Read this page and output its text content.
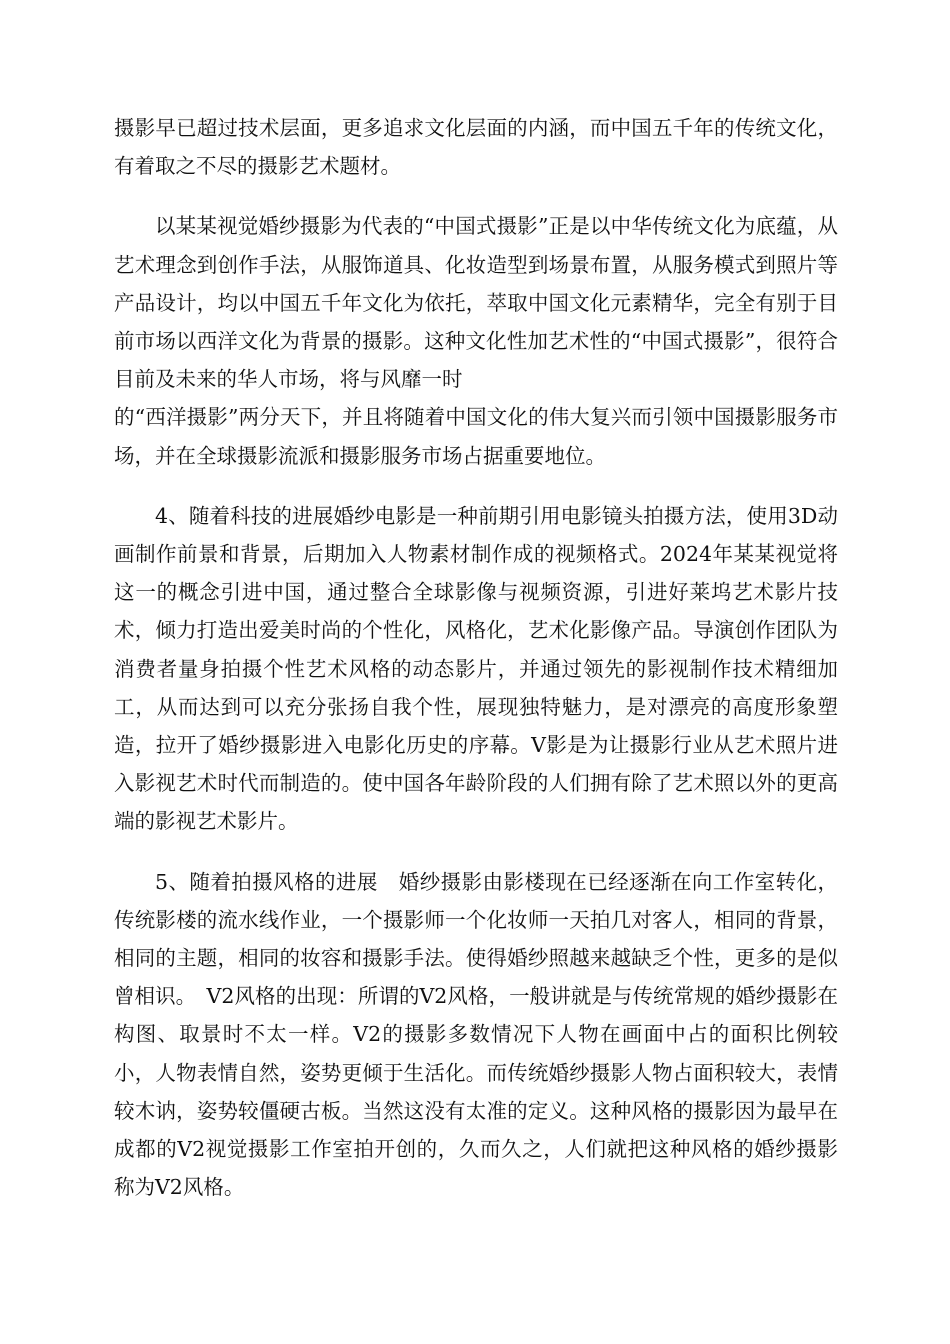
摄影早已超过技术层面，更多追求文化层面的内涵，而中国五千年的传统文化，有着取之不尽的摄影艺术题材。

以某某视觉婚纱摄影为代表的“中国式摄影”正是以中华传统文化为底蕴，从艺术理念到创作手法，从服饰道具、化妆造型到场景布置，从服务模式到照片等产品设计，均以中国五千年文化为依托，萃取中国文化元素精华，完全有别于目前市场以西洋文化为背景的摄影。这种文化性加艺术性的“中国式摄影”，很符合目前及未来的华人市场，将与风靡一时
的“西洋摄影”两分天下，并且将随着中国文化的伟大复兴而引领中国摄影服务市场，并在全球摄影流派和摄影服务市场占据重要地位。

4、随着科技的进展婚纱电影是一种前期引用电影镜头拍摄方法，使用3D动画制作前景和背景，后期加入人物素材制作成的视频格式。2024年某某视觉将这一的概念引进中国，通过整合全球影像与视频资源，引进好莱坞艺术影片技术，倾力打造出爱美时尚的个性化，风格化，艺术化影像产品。导演创作团队为消费者量身拍摄个性艺术风格的动态影片，并通过领先的影视制作技术精细加工，从而达到可以充分张扬自我个性，展现独特魅力，是对漂亮的高度形象塑造，拉开了婚纱摄影进入电影化历史的序幕。V影是为让摄影行业从艺术照片进入影视艺术时代而制造的。使中国各年龄阶段的人们拥有除了艺术照以外的更高端的影视艺术影片。

5、随着拍摄风格的进展　婚纱摄影由影楼现在已经逐渐在向工作室转化，传统影楼的流水线作业，一个摄影师一个化妆师一天拍几对客人，相同的背景，相同的主题，相同的妆容和摄影手法。使得婚纱照越来越缺乏个性，更多的是似曾相识。　V2风格的出现：所谓的V2风格，一般讲就是与传统常规的婚纱摄影在构图、取景时不太一样。V2的摄影多数情况下人物在画面中占的面积比例较小，人物表情自然，姿势更倾于生活化。而传统婚纱摄影人物占面积较大，表情较木讷，姿势较僵硬古板。当然这没有太准的定义。这种风格的摄影因为最早在成都的V2视觉摄影工作室拍开创的，久而久之，人们就把这种风格的婚纱摄影称为V2风格。
